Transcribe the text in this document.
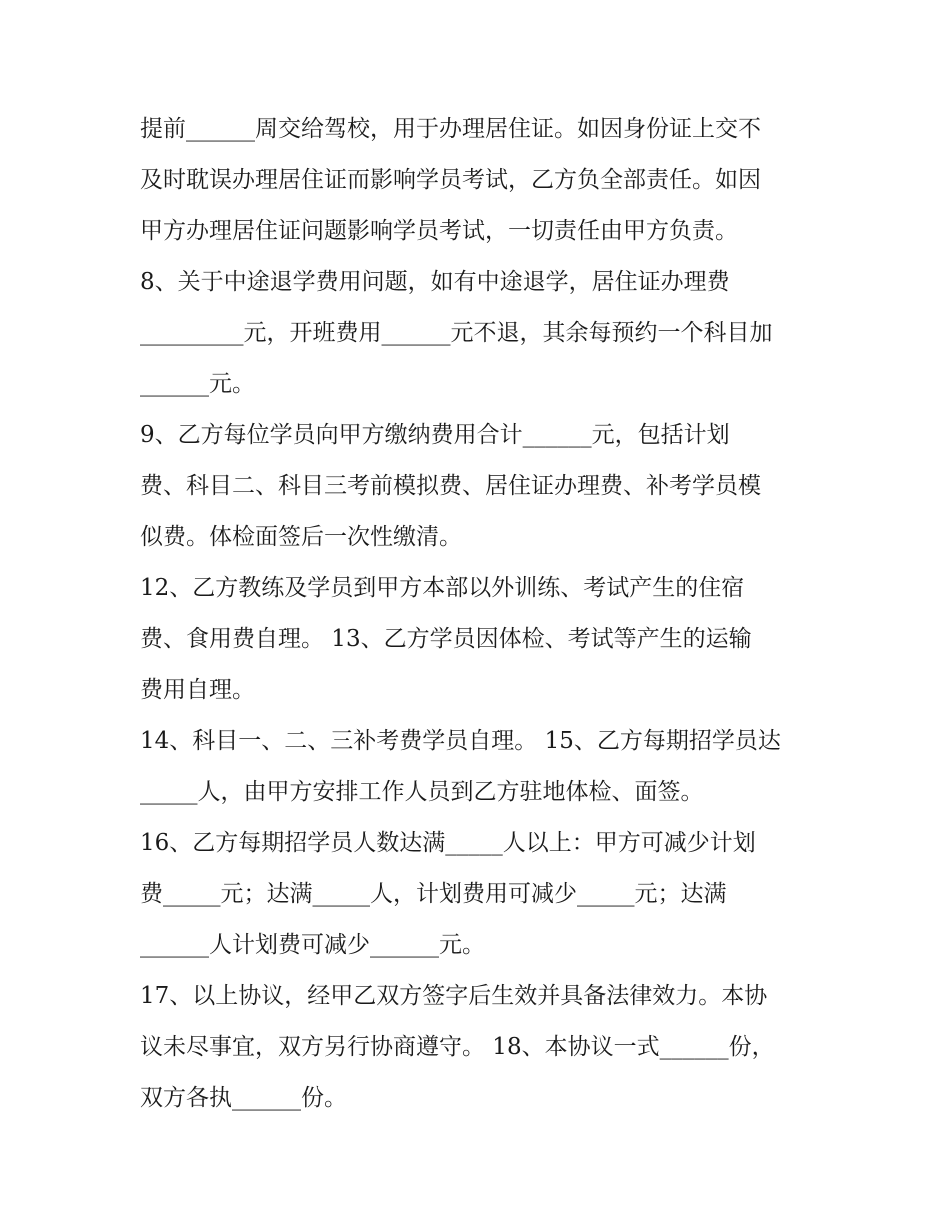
提前______周交给驾校，用于办理居住证。如因身份证上交不
及时耽误办理居住证而影响学员考试，乙方负全部责任。如因
甲方办理居住证问题影响学员考试，一切责任由甲方负责。
8、关于中途退学费用问题，如有中途退学，居住证办理费
_________元，开班费用______元不退，其余每预约一个科目加
______元。
9、乙方每位学员向甲方缴纳费用合计______元，包括计划
费、科目二、科目三考前模拟费、居住证办理费、补考学员模
似费。体检面签后一次性缴清。
12、乙方教练及学员到甲方本部以外训练、考试产生的住宿
费、食用费自理。 13、乙方学员因体检、考试等产生的运输
费用自理。
14、科目一、二、三补考费学员自理。 15、乙方每期招学员达
_____人，由甲方安排工作人员到乙方驻地体检、面签。
16、乙方每期招学员人数达满_____人以上：甲方可减少计划
费_____元；达满_____人，计划费用可减少_____元；达满
______人计划费可减少______元。
17、以上协议，经甲乙双方签字后生效并具备法律效力。本协
议未尽事宜，双方另行协商遵守。 18、本协议一式______份，
双方各执______份。
